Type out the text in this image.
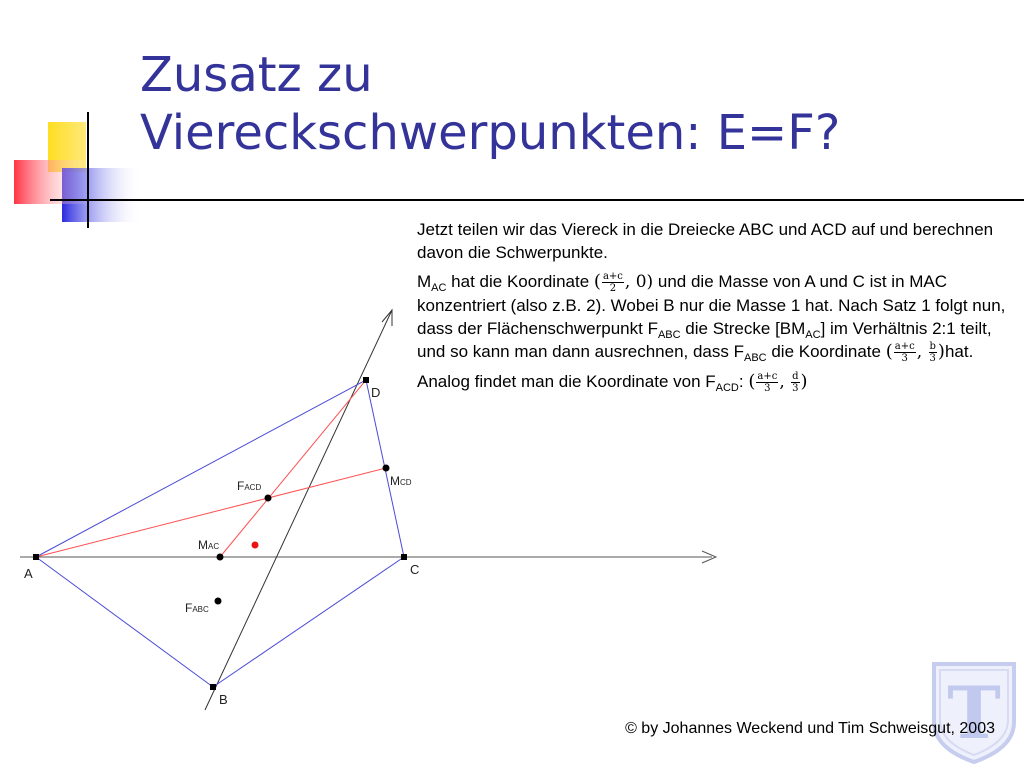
Zusatz zu
Viereckschwerpunkten: E=F?
A
B
C
D
MAC
MCD
FACD
FABC

Jetzt teilen wir das Viereck in die Dreiecke ABC und ACD auf und berechnen davon die Schwerpunkte.

$M_{AC}$ hat die Koordinate ( $\frac{a+c}{2}$ , 0) und die Masse von A und C ist in MAC konzentriert (also z.B. 2). Wobei B nur die Masse 1 hat. Nach Satz 1 folgt nun, dass der Flächenschwerpunkt $F_{ABC}$ die Strecke $[BM_{AC}]$ im Verhältnis 2:1 teilt, und so kann man dann ausrechnen, dass $F_{ABC}$ die Koordinate ( $\frac{a+c}{3}$ , $\frac{b}{3} )hat$.

Analog findet man die Koordinate von $F_{ACD}$: ( $\frac{a+c}{3}$ , $\frac{d}{3}$ )

T
© by Johannes Weckend und Tim Schweisgut, 2003
